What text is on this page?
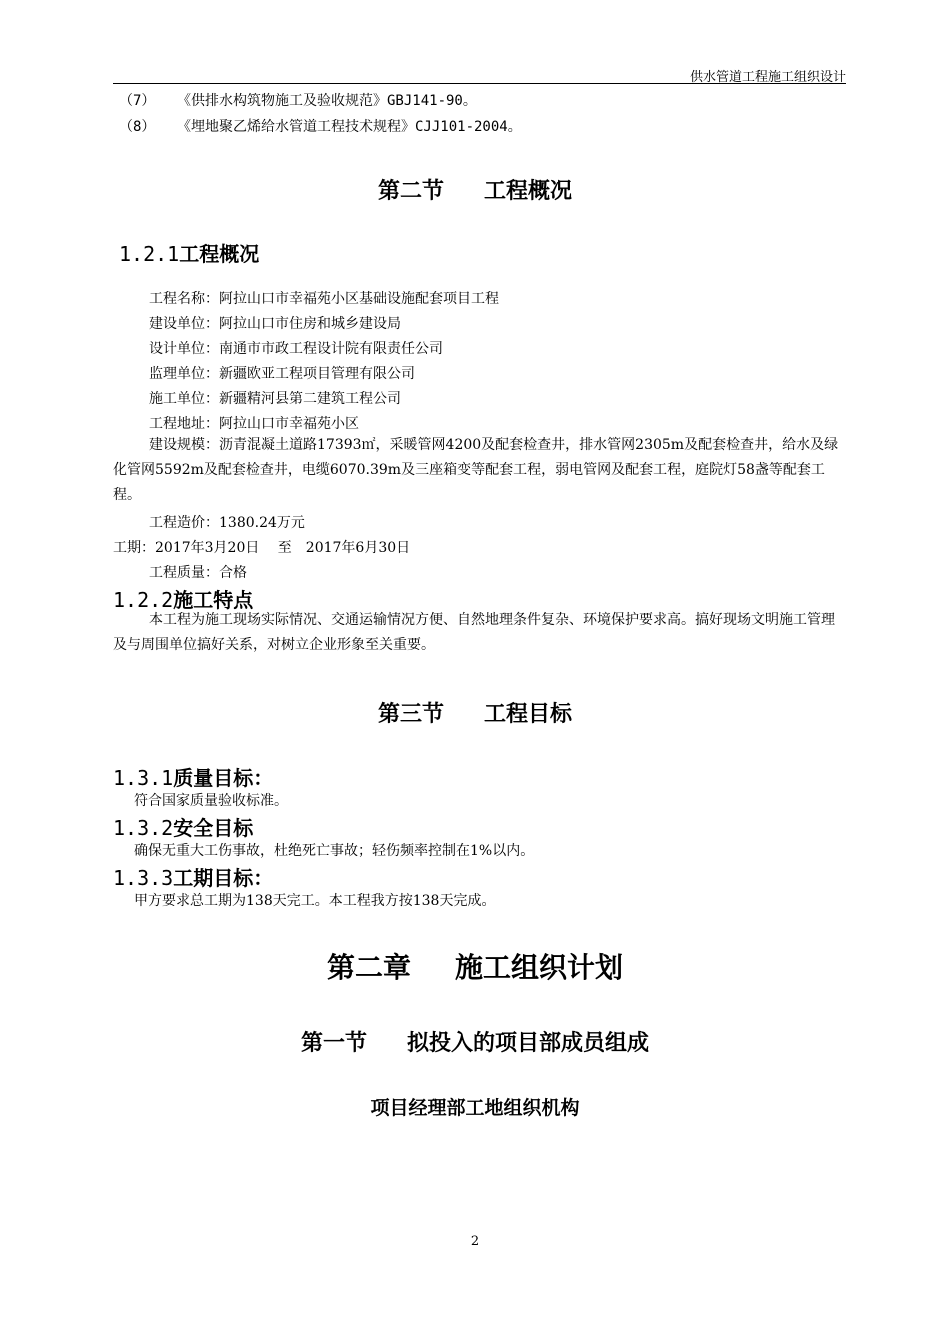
供水管道工程施工组织设计
（7） 《供排水构筑物施工及验收规范》GBJ141-90。
（8） 《埋地聚乙烯给水管道工程技术规程》CJJ101-2004。
第二节 工程概况
1.2.1工程概况
工程名称：阿拉山口市幸福苑小区基础设施配套项目工程
建设单位：阿拉山口市住房和城乡建设局
设计单位：南通市市政工程设计院有限责任公司
监理单位：新疆欧亚工程项目管理有限公司
施工单位：新疆精河县第二建筑工程公司
工程地址：阿拉山口市幸福苑小区
建设规模：沥青混凝土道路17393㎡，采暖管网4200及配套检查井，排水管网2305m及配套检查井，给水及绿化管网5592m及配套检查井，电缆6070.39m及三座箱变等配套工程，弱电管网及配套工程，庭院灯58盏等配套工程。
工程造价：1380.24万元
工期：2017年3月20日　 至　2017年6月30日
工程质量：合格
1.2.2施工特点
本工程为施工现场实际情况、交通运输情况方便、自然地理条件复杂、环境保护要求高。搞好现场文明施工管理及与周围单位搞好关系，对树立企业形象至关重要。
第三节 工程目标
1.3.1质量目标：
符合国家质量验收标准。
1.3.2安全目标
确保无重大工伤事故，杜绝死亡事故；轻伤频率控制在1%以内。
1.3.3工期目标：
甲方要求总工期为138天完工。本工程我方按138天完成。
第二章 施工组织计划
第一节 拟投入的项目部成员组成
项目经理部工地组织机构
2
